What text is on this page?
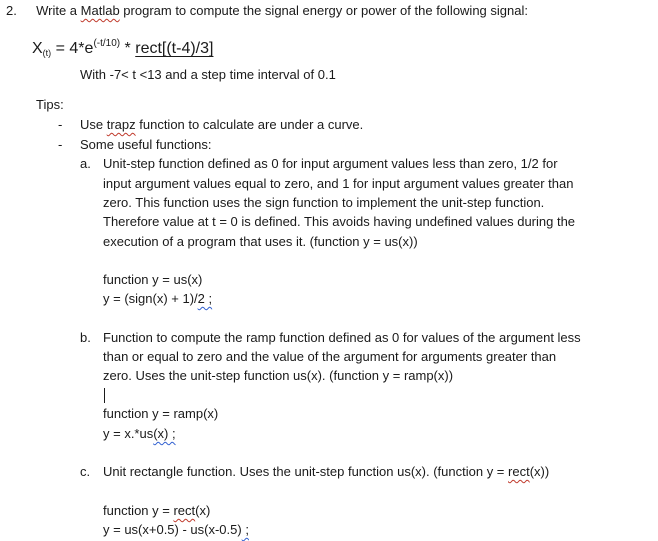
2. Write a Matlab program to compute the signal energy or power of the following signal:
$X_{(t)} = 4*e^{(-t/10)}$ * rect[(t-4)/3]
With -7< t <13 and a step time interval of 0.1
Tips:
- Use trapz function to calculate are under a curve.
- Some useful functions:
a. Unit-step function defined as 0 for input argument values less than zero, 1/2 for
input argument values equal to zero, and 1 for input argument values greater than
zero. This function uses the sign function to implement the unit-step function.
Therefore value at t = 0 is defined. This avoids having undefined values during the
execution of a program that uses it. (function y = us(x))
function y = us(x)
y = (sign(x) + 1)/2 ;
b. Function to compute the ramp function defined as 0 for values of the argument less
than or equal to zero and the value of the argument for arguments greater than
zero. Uses the unit-step function us(x). (function y = ramp(x))
function y = ramp(x)
y = x.*us(x) ;
c. Unit rectangle function. Uses the unit-step function us(x). (function y = rect(x))
function y = rect(x)
y = us(x+0.5) - us(x-0.5) ;
